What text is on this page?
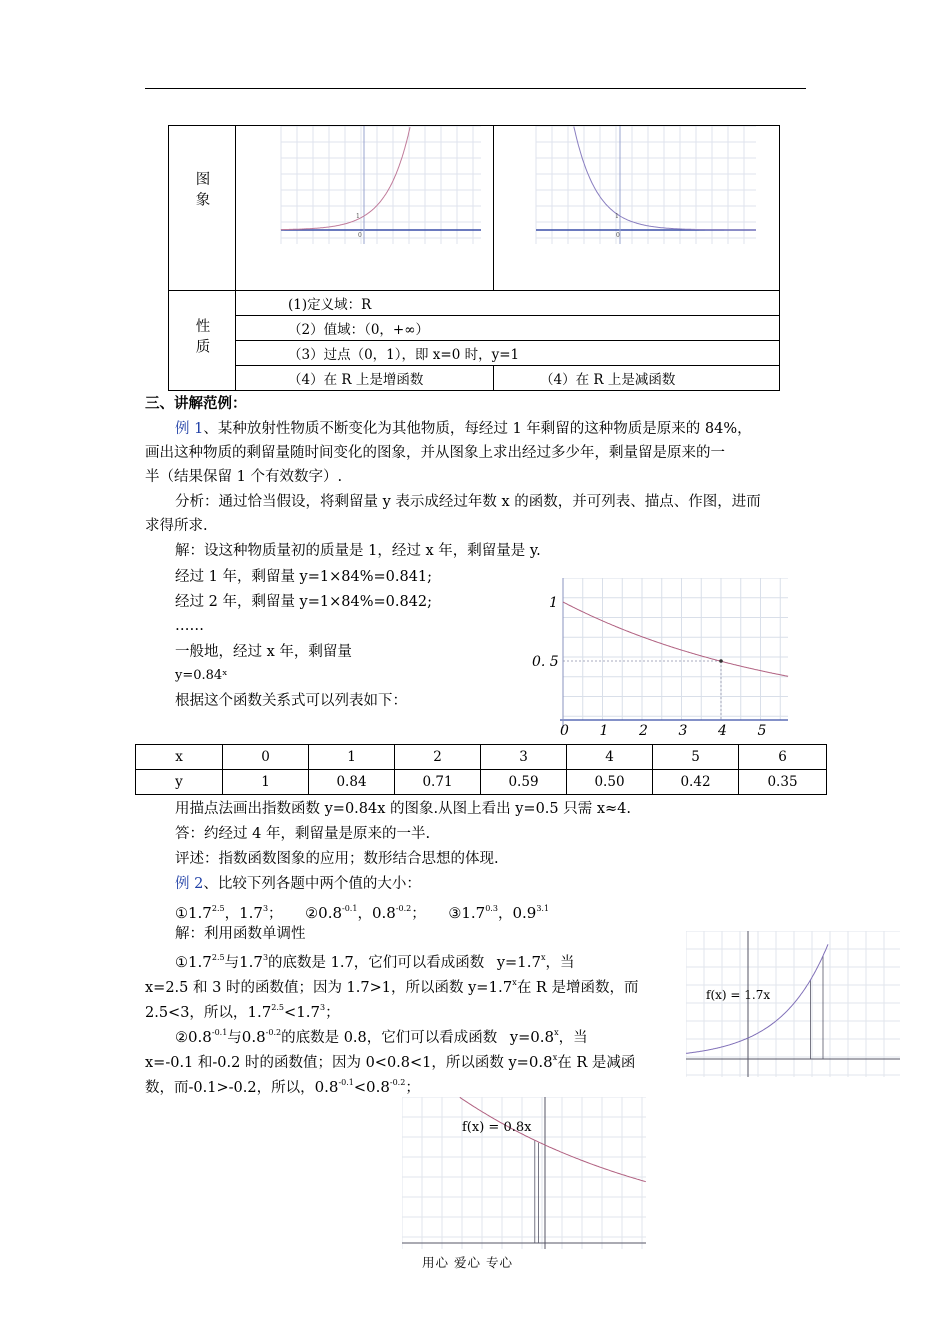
图象	1
0	1
0

性质	(1)定义域：R	
	（2）值域：（0，+∞）	
	（3）过点（0，1），即 x=0 时，y=1	
	（4）在 R 上是增函数	（4）在 R 上是减函数
三、讲解范例：
例 1、某种放射性物质不断变化为其他物质，每经过 1 年剩留的这种物质是原来的 84%，
画出这种物质的剩留量随时间变化的图象，并从图象上求出经过多少年，剩量留是原来的一
半（结果保留 1 个有效数字）.
分析：通过恰当假设，将剩留量 y 表示成经过年数 x 的函数，并可列表、描点、作图，进而
求得所求.
解：设这种物质量初的质量是 1，经过 x 年，剩留量是 y.
经过 1 年，剩留量 y=1×84%=0.841;
经过 2 年，剩留量 y=1×84%=0.842;
……
一般地，经过 x 年，剩留量
y=0.84ˣ
根据这个函数关系式可以列表如下：
0 1 2 3 4 5
1
0. 5
x	0	1	2	3	4	5	6
y	1	0.84	0.71	0.59	0.50	0.42	0.35
用描点法画出指数函数 y=0.84x 的图象.从图上看出 y=0.5 只需 x≈4.
答：约经过 4 年，剩留量是原来的一半.
评述：指数函数图象的应用；数形结合思想的体现.
例 2、比较下列各题中两个值的大小：
$①1.7^{2.5}$，$1.7^3$； $②0.8^{-0.1}$，$0.8^{-0.2}$； $③1.7^{0.3}$，$0.9^{3.1}$
解：利用函数单调性
$①1.7^{2.5}$与$1.7^3$的底数是 1.7，它们可以看成函数 $y=1.7^x$，当
x=2.5 和 3 时的函数值；因为 1.7>1，所以函数 $y=1.7^x$在 R 是增函数，而
2.5<3，所以，$1.7^{2.5}<1.7^3$；
$②0.8^{-0.1}$与$0.8^{-0.2}$的底数是 0.8，它们可以看成函数 $y=0.8^x$，当
x=-0.1 和-0.2 时的函数值；因为 0<0.8<1，所以函数 $y=0.8^x$在 R 是减函
数，而-0.1>-0.2，所以，$0.8^{-0.1}<0.8^{-0.2}$；
f(x) = 1.7x
f(x) = 0.8x
用心 爱心 专心
